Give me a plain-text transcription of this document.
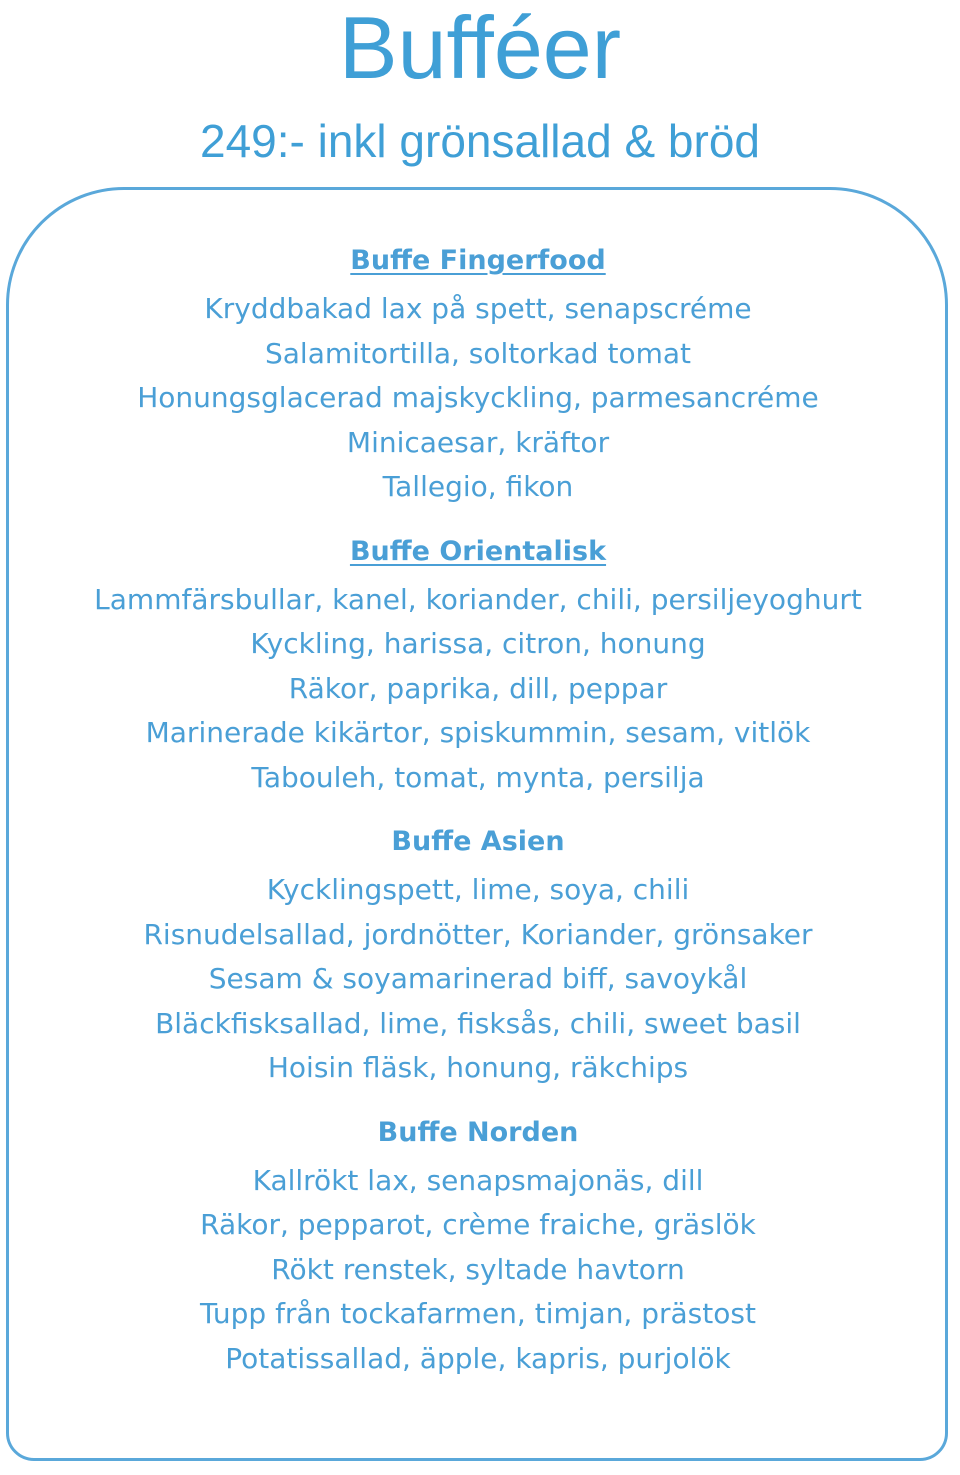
Bufféer
249:- inkl grönsallad & bröd

Buffe Fingerfood

Kryddbakad lax på spett, senapscréme

Salamitortilla, soltorkad tomat

Honungsglacerad majskyckling, parmesancréme

Minicaesar, kräftor

Tallegio, fikon

Buffe Orientalisk

Lammfärsbullar, kanel, koriander, chili, persiljeyoghurt

Kyckling, harissa, citron, honung

Räkor, paprika, dill, peppar

Marinerade kikärtor, spiskummin, sesam, vitlök

Tabouleh, tomat, mynta, persilja

Buffe Asien

Kycklingspett, lime, soya, chili

Risnudelsallad, jordnötter, Koriander, grönsaker

Sesam & soyamarinerad biff, savoykål

Bläckfisksallad, lime, fisksås, chili, sweet basil

Hoisin fläsk, honung, räkchips

Buffe Norden

Kallrökt lax, senapsmajonäs, dill

Räkor, pepparot, crème fraiche, gräslök

Rökt renstek, syltade havtorn

Tupp från tockafarmen, timjan, prästost

Potatissallad, äpple, kapris, purjolök
